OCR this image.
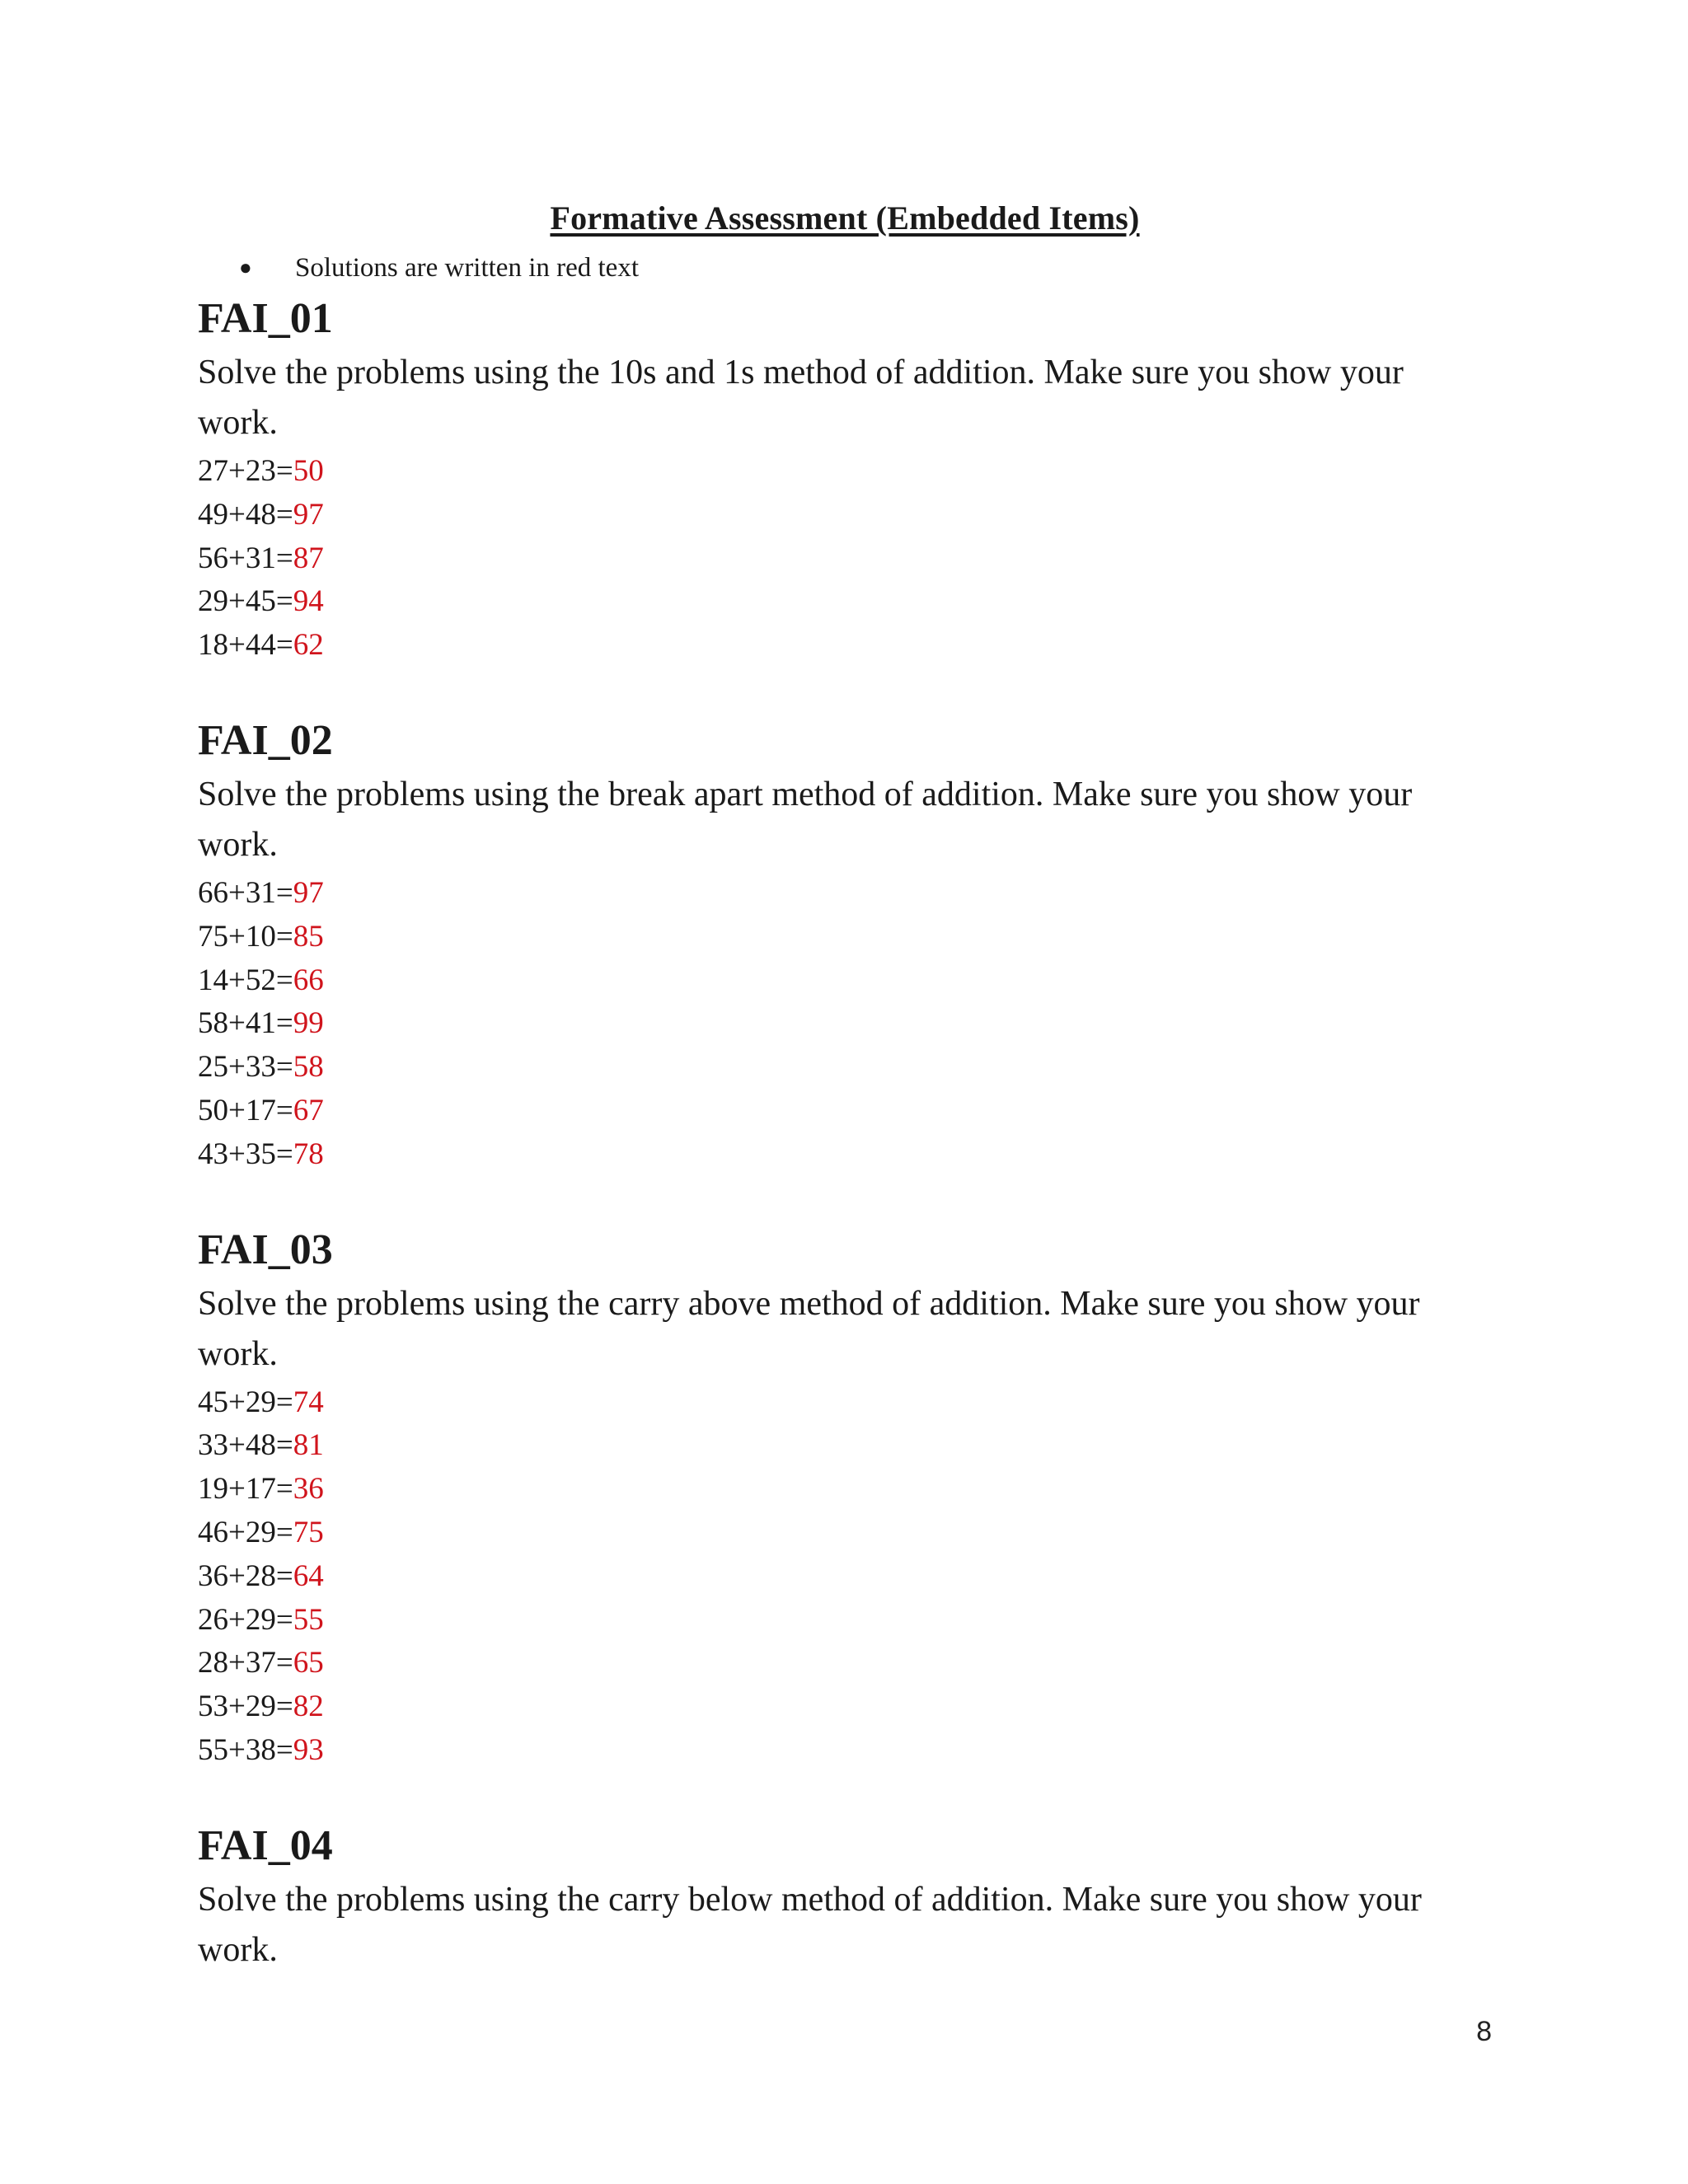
Formative Assessment (Embedded Items)
● Solutions are written in red text
FAI_01

Solve the problems using the 10s and 1s method of addition. Make sure you show your work.

27+23=50
49+48=97
56+31=87
29+45=94
18+44=62
FAI_02

Solve the problems using the break apart method of addition. Make sure you show your work.

66+31=97
75+10=85
14+52=66
58+41=99
25+33=58
50+17=67
43+35=78
FAI_03

Solve the problems using the carry above method of addition. Make sure you show your work.

45+29=74
33+48=81
19+17=36
46+29=75
36+28=64
26+29=55
28+37=65
53+29=82
55+38=93
FAI_04

Solve the problems using the carry below method of addition. Make sure you show your work.

8
